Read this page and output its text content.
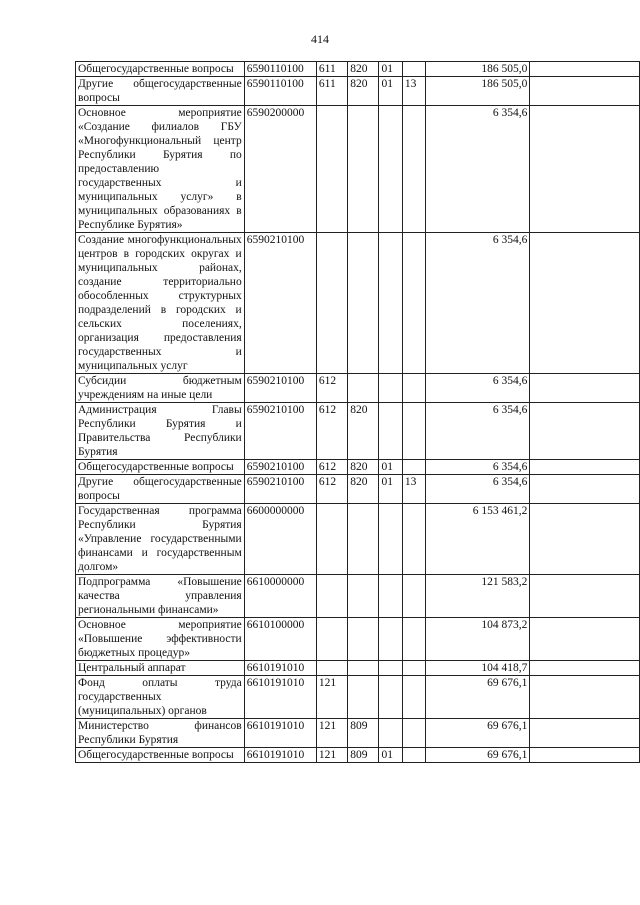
414
Общегосударственные вопросы	6590110100	611	820	01		186 505,0	
Другие общегосударственные вопросы	6590110100	611	820	01	13	186 505,0	
Основное мероприятие «Создание филиалов ГБУ «Многофункциональный центр Республики Бурятия по предоставлению государственных и муниципальных услуг» в муниципальных образованиях в Республике Бурятия»	6590200000					6 354,6	
Создание многофункциональных центров в городских округах и муниципальных районах, создание территориально обособленных структурных подразделений в городских и сельских поселениях, организация предоставления государственных и муниципальных услуг	6590210100					6 354,6	
Субсидии бюджетным учреждениям на иные цели	6590210100	612				6 354,6	
Администрация Главы Республики Бурятия и Правительства Республики Бурятия	6590210100	612	820			6 354,6	
Общегосударственные вопросы	6590210100	612	820	01		6 354,6	
Другие общегосударственные вопросы	6590210100	612	820	01	13	6 354,6	
Государственная программа Республики Бурятия «Управление государственными финансами и государственным долгом»	6600000000					6 153 461,2	
Подпрограмма «Повышение качества управления региональными финансами»	6610000000					121 583,2	
Основное мероприятие «Повышение эффективности бюджетных процедур»	6610100000					104 873,2	
Центральный аппарат	6610191010					104 418,7	
Фонд оплаты труда государственных (муниципальных) органов	6610191010	121				69 676,1	
Министерство финансов Республики Бурятия	6610191010	121	809			69 676,1	
Общегосударственные вопросы	6610191010	121	809	01		69 676,1	
